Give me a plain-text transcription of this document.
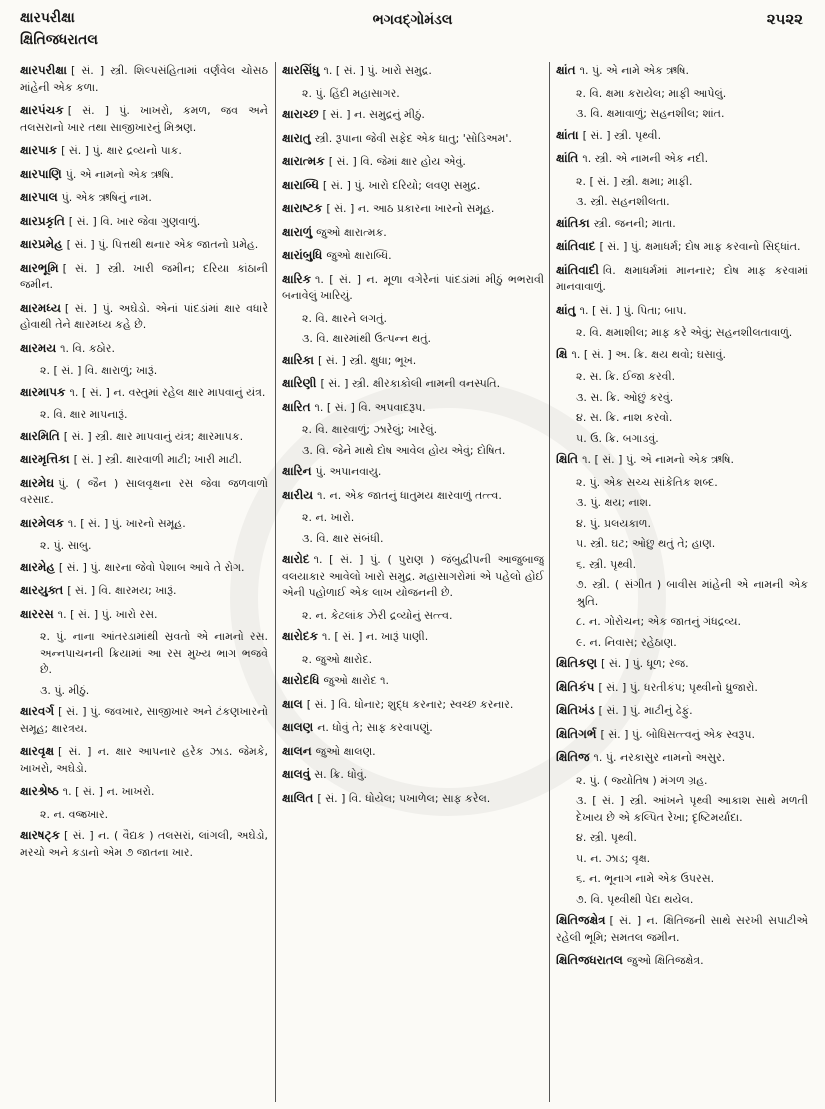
ક્ષારપરીક્ષા
ક્ષિતિજધરાતલ
ભગવદ્ગોમંડલ	૨૫૨૨

ક્ષારપરીક્ષા [ સં. ] સ્ત્રી. શિલ્પસંહિતામાં વર્ણવેલ ચોસઠ માંહેની એક કળા.

ક્ષારપંચક [ સં. ] પું. ખાખરો, કમળ, જવ અને તલસરાનો ખાર તથા સાજીખારનું મિશ્રણ.

ક્ષારપાક [ સં. ] પું. ક્ષાર દ્રવ્યનો પાક.

ક્ષારપાણિ પું. એ નામનો એક ઋષિ.

ક્ષારપાલ પું. એક ઋષિનું નામ.

ક્ષારપ્રકૃતિ [ સં. ] વિ. ખાર જેવા ગુણવાળું.

ક્ષારપ્રમેહ [ સં. ] પું. પિત્તથી થનાર એક જાતનો પ્રમેહ.

ક્ષારભૂમિ [ સં. ] સ્ત્રી. ખારી જમીન; દરિયા કાંઠાની જમીન.

ક્ષારમધ્ય [ સં. ] પું. અઘેડો. એનાં પાંદડાંમાં ક્ષાર વધારે હોવાથી તેને ક્ષારમધ્ય કહે છે.

ક્ષારમય ૧. વિ. કઠોર.

૨. [ સં. ] વિ. ક્ષારાળું; ખારૂં.

ક્ષારમાપક ૧. [ સં. ] ન. વસ્તુમાં રહેલ ક્ષાર માપવાનું યંત્ર.

૨. વિ. ક્ષાર માપનારૂં.

ક્ષારમિતિ [ સં. ] સ્ત્રી. ક્ષાર માપવાનું યંત્ર; ક્ષારમાપક.

ક્ષારમૃત્તિકા [ સં. ] સ્ત્રી. ક્ષારવાળી માટી; ખારી માટી.

ક્ષારમેઘ પું. ( જૈન ) સાલવૃક્ષના રસ જેવા જળવાળો વરસાદ.

ક્ષારમેલક ૧. [ સં. ] પું. ખારનો સમૂહ.

૨. પું. સાબુ.

ક્ષારમેહ [ સં. ] પું. ક્ષારના જેવો પેશાબ આવે તે રોગ.

ક્ષારયુક્ત [ સં. ] વિ. ક્ષારમય; ખારૂં.

ક્ષારરસ ૧. [ સં. ] પું. ખારો રસ.

૨. પું. નાના આંતરડામાંથી સ્રવતો એ નામનો રસ. અન્નપાચનની ક્રિયામાં આ રસ મુખ્ય ભાગ ભજવે છે.

૩. પું. મીઠું.

ક્ષારવર્ગ [ સં. ] પું. જવખાર, સાજીખાર અને ટંકણખારનો સમૂહ; ક્ષારત્રય.

ક્ષારવૃક્ષ [ સં. ] ન. ક્ષાર આપનાર હરેક ઝાડ. જેમકે, ખાખરો, અઘેડો.

ક્ષારશ્રેષ્ઠ ૧. [ સં. ] ન. ખાખરો.

૨. ન. વજ્રખાર.

ક્ષારષટ્ક [ સં. ] ન. ( વૈદ્યક ) તલસરાં, લાંગલી, અઘેડો, મરચો અને કડાનો એમ ૭ જાતના ખાર.

ક્ષારસિંધુ ૧. [ સં. ] પું. ખારો સમુદ્ર.

૨. પું. હિંદી મહાસાગર.

ક્ષારાચ્છ [ સં. ] ન. સમુદ્રનું મીઠું.

ક્ષારાતુ સ્ત્રી. રૂપાના જેવી સફેદ એક ધાતુ; 'સોડિઅમ'.

ક્ષારાત્મક [ સં. ] વિ. જેમાં ક્ષાર હોય એવું.

ક્ષારાબ્ધિ [ સં. ] પું. ખારો દરિયો; લવણ સમુદ્ર.

ક્ષારાષ્ટક [ સં. ] ન. આઠ પ્રકારના ખારનો સમૂહ.

ક્ષારાળું જુઓ ક્ષારાત્મક.

ક્ષારાંબુધિ જુઓ ક્ષારાબ્ધિ.

ક્ષારિક ૧. [ સં. ] ન. મૂળા વગેરેનાં પાંદડાંમાં મીઠું ભભરાવી બનાવેલું ખારિયું.

૨. વિ. ક્ષારને લગતું.

૩. વિ. ક્ષારમાંથી ઉત્પન્ન થતું.

ક્ષારિકા [ સં. ] સ્ત્રી. ક્ષુધા; ભૂખ.

ક્ષારિણી [ સં. ] સ્ત્રી. ક્ષીરકાકોલી નામની વનસ્પતિ.

ક્ષારિત ૧. [ સં. ] વિ. અપવાદરૂપ.

૨. વિ. ક્ષારવાળું; ઝારેલું; ખારેલું.

૩. વિ. જેને માથે દોષ આવેલ હોય એવું; દોષિત.

ક્ષારિન પું. અપાનવાયુ.

ક્ષારીય ૧. ન. એક જાતનું ધાતુમય ક્ષારવાળું તત્ત્વ.

૨. ન. ખારો.

૩. વિ. ક્ષાર સંબંધી.

ક્ષારોદ ૧. [ સં. ] પું. ( પુરાણ ) જંબુદ્વીપની આજુબાજુ વલયાકાર આવેલો ખારો સમુદ્ર. મહાસાગરોમાં એ પહેલો હોઈ એની પહોળાઈ એક લાખ યોજનની છે.

૨. ન. કેટલાંક ઝેરી દ્રવ્યોનું સત્ત્વ.

ક્ષારોદક ૧. [ સં. ] ન. ખારૂં પાણી.

૨. જુઓ ક્ષારોદ.

ક્ષારોદધિ જુઓ ક્ષારોદ ૧.

ક્ષાલ [ સં. ] વિ. ધોનાર; શુદ્ધ કરનાર; સ્વચ્છ કરનાર.

ક્ષાલણ ન. ધોવું તે; સાફ કરવાપણું.

ક્ષાલન જુઓ ક્ષાલણ.

ક્ષાલવું સ. ક્રિ. ધોવું.

ક્ષાલિત [ સં. ] વિ. ધોયેલ; પખાળેલ; સાફ કરેલ.

ક્ષાંત ૧. પું. એ નામે એક ઋષિ.

૨. વિ. ક્ષમા કરાયેલ; માફી આપેલું.

૩. વિ. ક્ષમાવાળું; સહનશીલ; શાંત.

ક્ષાંતા [ સં. ] સ્ત્રી. પૃથ્વી.

ક્ષાંતિ ૧. સ્ત્રી. એ નામની એક નદી.

૨. [ સં. ] સ્ત્રી. ક્ષમા; માફી.

૩. સ્ત્રી. સહનશીલતા.

ક્ષાંતિકા સ્ત્રી. જનની; માતા.

ક્ષાંતિવાદ [ સં. ] પું. ક્ષમાધર્મ; દોષ માફ કરવાનો સિદ્ધાંત.

ક્ષાંતિવાદી વિ. ક્ષમાધર્મમાં માનનાર; દોષ માફ કરવામાં માનવાવાળું.

ક્ષાંતુ ૧. [ સં. ] પું. પિતા; બાપ.

૨. વિ. ક્ષમાશીલ; માફ કરે એવું; સહનશીલતાવાળું.

ક્ષિ ૧. [ સં. ] અ. ક્રિ. ક્ષય થવો; ઘસાવું.

૨. સ. ક્રિ. ઈજા કરવી.

૩. સ. ક્રિ. ઓછું કરવું.

૪. સ. ક્રિ. નાશ કરવો.

૫. ઉ. ક્રિ. બગાડવું.

ક્ષિતિ ૧. [ સં. ] પું. એ નામનો એક ઋષિ.

૨. પું. એક સચ્ચ સાંકેતિક શબ્દ.

૩. પું. ક્ષય; નાશ.

૪. પું. પ્રલયકાળ.

૫. સ્ત્રી. ઘટ; ઓછુ થતું તે; હાણ.

૬. સ્ત્રી. પૃથ્વી.

૭. સ્ત્રી. ( સંગીત ) બાવીસ માંહેની એ નામની એક શ્રુતિ.

૮. ન. ગોરોચન; એક જાતનું ગંધદ્રવ્ય.

૯. ન. નિવાસ; રહેઠાણ.

ક્ષિતિકણ [ સં. ] પું. ધૂળ; રજ.

ક્ષિતિકંપ [ સં. ] પું. ધરતીકંપ; પૃથ્વીનો ધ્રુજારો.

ક્ષિતિખંડ [ સં. ] પું. માટીનું ઢેફું.

ક્ષિતિગર્ભ [ સં. ] પું. બોધિસત્ત્વનું એક સ્વરૂપ.

ક્ષિતિજ ૧. પું. નરકાસુર નામનો અસુર.

૨. પું. ( જ્યોતિષ ) મંગળ ગ્રહ.

૩. [ સં. ] સ્ત્રી. આંખને પૃથ્વી આકાશ સાથે મળતી દેખાય છે એ કલ્પિત રેખા; દૃષ્ટિમર્યાદા.

૪. સ્ત્રી. પૃથ્વી.

૫. ન. ઝાડ; વૃક્ષ.

૬. ન. ભૂનાગ નામે એક ઉપરસ.

૭. વિ. પૃથ્વીથી પેદા થયેલ.

ક્ષિતિજક્ષેત્ર [ સં. ] ન. ક્ષિતિજની સાથે સરખી સપાટીએ રહેલી ભૂમિ; સમતલ જમીન.

ક્ષિતિજધરાતલ જુઓ ક્ષિતિજક્ષેત્ર.
